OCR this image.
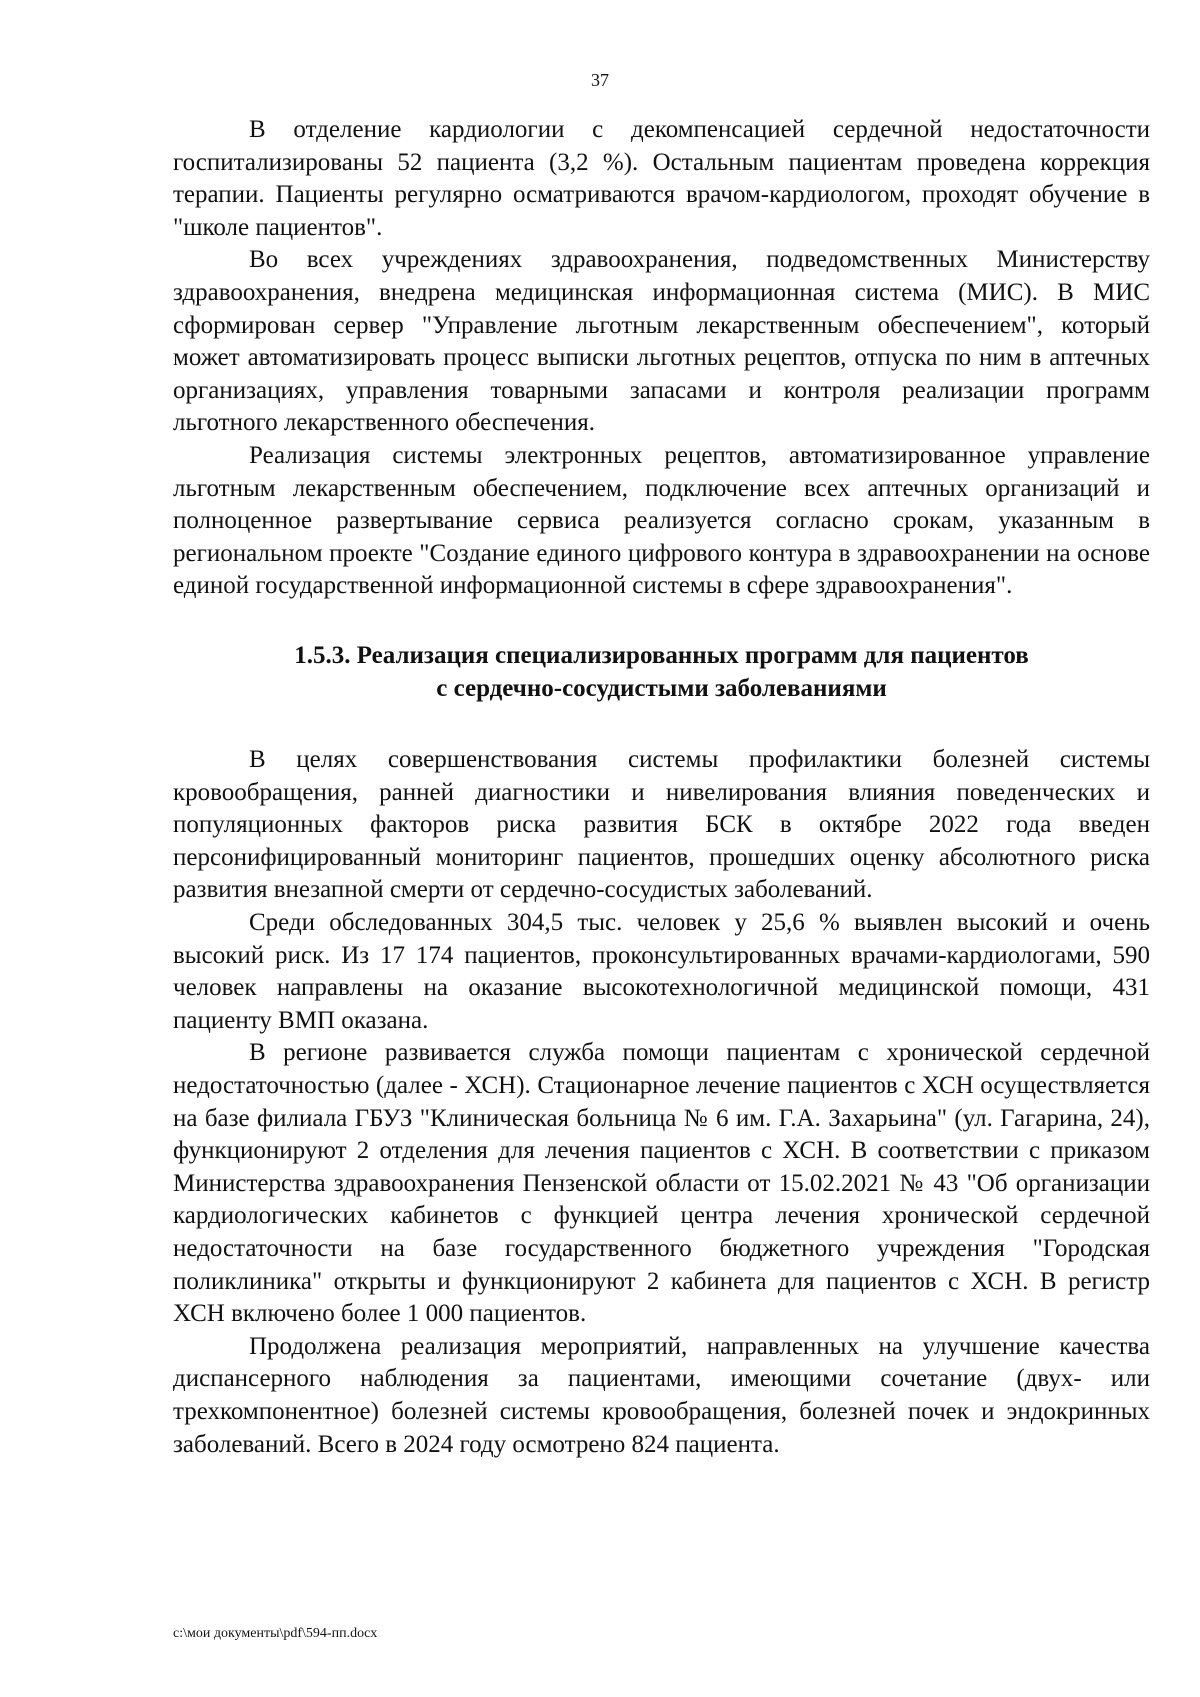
37

В отделение кардиологии с декомпенсацией сердечной недостаточности госпитализированы 52 пациента (3,2 %). Остальным пациентам проведена коррекция терапии. Пациенты регулярно осматриваются врачом-кардиологом, проходят обучение в "школе пациентов".

Во всех учреждениях здравоохранения, подведомственных Министерству здравоохранения, внедрена медицинская информационная система (МИС). В МИС сформирован сервер "Управление льготным лекарственным обеспечением", который может автоматизировать процесс выписки льготных рецептов, отпуска по ним в аптечных организациях, управления товарными запасами и контроля реализации программ льготного лекарственного обеспечения.

Реализация системы электронных рецептов, автоматизированное управление льготным лекарственным обеспечением, подключение всех аптечных организаций и полноценное развертывание сервиса реализуется согласно срокам, указанным в региональном проекте "Создание единого цифрового контура в здравоохранении на основе единой государственной информационной системы в сфере здравоохранения".

1.5.3. Реализация специализированных программ для пациентов
с сердечно-сосудистыми заболеваниями

В целях совершенствования системы профилактики болезней системы кровообращения, ранней диагностики и нивелирования влияния поведенческих и популяционных факторов риска развития БСК в октябре 2022 года введен персонифицированный мониторинг пациентов, прошедших оценку абсолютного риска развития внезапной смерти от сердечно-сосудистых заболеваний.

Среди обследованных 304,5 тыс. человек у 25,6 % выявлен высокий и очень высокий риск. Из 17 174 пациентов, проконсультированных врачами-кардиологами, 590 человек направлены на оказание высокотехнологичной медицинской помощи, 431 пациенту ВМП оказана.

В регионе развивается служба помощи пациентам с хронической сердечной недостаточностью (далее - ХСН). Стационарное лечение пациентов с ХСН осуществляется на базе филиала ГБУЗ "Клиническая больница № 6 им. Г.А. Захарьина" (ул. Гагарина, 24), функционируют 2 отделения для лечения пациентов с ХСН. В соответствии с приказом Министерства здравоохранения Пензенской области от 15.02.2021 № 43 "Об организации кардиологических кабинетов с функцией центра лечения хронической сердечной недостаточности на базе государственного бюджетного учреждения "Городская поликлиника" открыты и функционируют 2 кабинета для пациентов с ХСН. В регистр ХСН включено более 1 000 пациентов.

Продолжена реализация мероприятий, направленных на улучшение качества диспансерного наблюдения за пациентами, имеющими сочетание (двух- или трехкомпонентное) болезней системы кровообращения, болезней почек и эндокринных заболеваний. Всего в 2024 году осмотрено 824 пациента.

c:\мои документы\pdf\594-пп.docx
